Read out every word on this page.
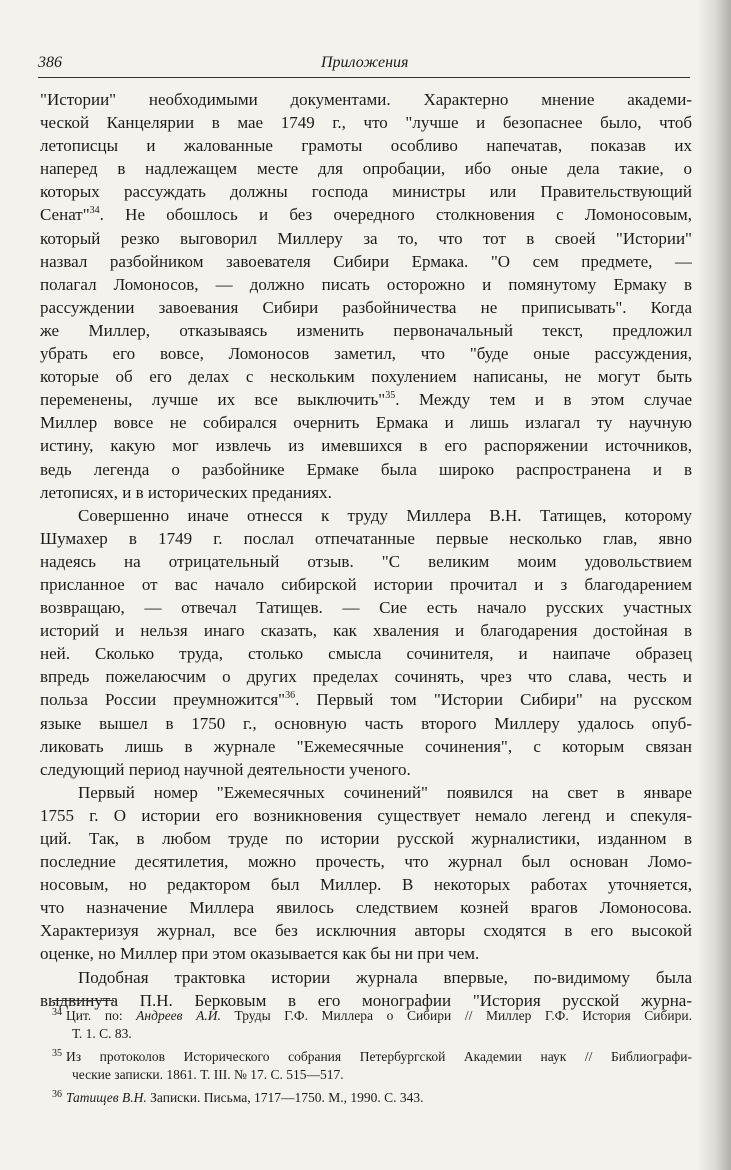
386	Приложения
"Истории" необходимыми документами. Характерно мнение академи-
ческой Канцелярии в мае 1749 г., что "лучше и безопаснее было, чтоб
летописцы и жалованные грамоты особливо напечатав, показав их
наперед в надлежащем месте для опробации, ибо оные дела такие, о
которых рассуждать должны господа министры или Правительствующий
Сенат"$^{34}$. Не обошлось и без очередного столкновения с Ломоносовым,
который резко выговорил Миллеру за то, что тот в своей "Истории"
назвал разбойником завоевателя Сибири Ермака. "О сем предмете, —
полагал Ломоносов, — должно писать осторожно и помянутому Ермаку в
рассуждении завоевания Сибири разбойничества не приписывать". Когда
же Миллер, отказываясь изменить первоначальный текст, предложил
убрать его вовсе, Ломоносов заметил, что "буде оные рассуждения,
которые об его делах с нескольким похулением написаны, не могут быть
переменены, лучше их все выключить"$^{35}$. Между тем и в этом случае
Миллер вовсе не собирался очернить Ермака и лишь излагал ту научную
истину, какую мог извлечь из имевшихся в его распоряжении источников,
ведь легенда о разбойнике Ермаке была широко распространена и в
летописях, и в исторических преданиях.
Совершенно иначе отнесся к труду Миллера В.Н. Татищев, которому
Шумахер в 1749 г. послал отпечатанные первые несколько глав, явно
надеясь на отрицательный отзыв. "С великим моим удовольствием
присланное от вас начало сибирской истории прочитал и з благодарением
возвращаю, — отвечал Татищев. — Сие есть начало русских участных
историй и нельзя инаго сказать, как хваления и благодарения достойная в
ней. Сколько труда, столько смысла сочинителя, и наипаче образец
впредь пожелаюсчим о других пределах сочинять, чрез что слава, честь и
польза России преумножится"$^{36}$. Первый том "Истории Сибири" на русском
языке вышел в 1750 г., основную часть второго Миллеру удалось опуб-
ликовать лишь в журнале "Ежемесячные сочинения", с которым связан
следующий период научной деятельности ученого.
Первый номер "Ежемесячных сочинений" появился на свет в январе
1755 г. О истории его возникновения существует немало легенд и спекуля-
ций. Так, в любом труде по истории русской журналистики, изданном в
последние десятилетия, можно прочесть, что журнал был основан Ломо-
носовым, но редактором был Миллер. В некоторых работах уточняется,
что назначение Миллера явилось следствием козней врагов Ломоносова.
Характеризуя журнал, все без исключния авторы сходятся в его высокой
оценке, но Миллер при этом оказывается как бы ни при чем.
Подобная трактовка истории журнала впервые, по-видимому была
выдвинута П.Н. Берковым в его монографии "История русской журна-
$^{34}$ Цит. по: Андреев А.И. Труды Г.Ф. Миллера о Сибири // Миллер Г.Ф. История Сибири.
Т. 1. С. 83.
$^{35}$ Из протоколов Исторического собрания Петербургской Академии наук // Библиографи-
ческие записки. 1861. Т. III. № 17. С. 515—517.
$^{36}$ Татищев В.Н. Записки. Письма, 1717—1750. М., 1990. С. 343.
